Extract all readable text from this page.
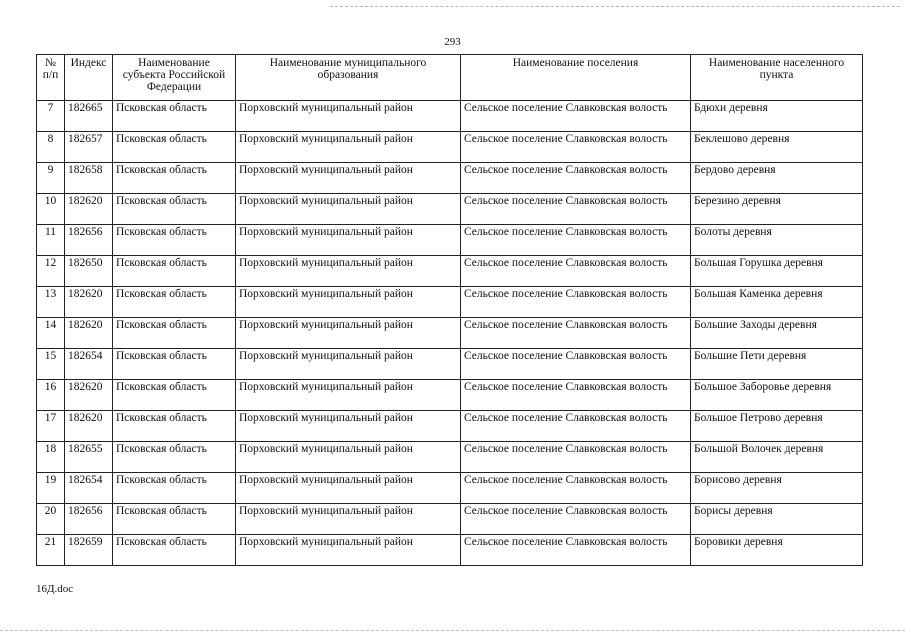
293
№ п/п	Индекс	Наименование субъекта Российской Федерации	Наименование муниципального образования	Наименование поселения	Наименование населенного пункта
7	182665	Псковская область	Порховский муниципальный район	Сельское поселение Славковская волость	Бдюхи деревня
8	182657	Псковская область	Порховский муниципальный район	Сельское поселение Славковская волость	Беклешово деревня
9	182658	Псковская область	Порховский муниципальный район	Сельское поселение Славковская волость	Бердово деревня
10	182620	Псковская область	Порховский муниципальный район	Сельское поселение Славковская волость	Березино деревня
11	182656	Псковская область	Порховский муниципальный район	Сельское поселение Славковская волость	Болоты деревня
12	182650	Псковская область	Порховский муниципальный район	Сельское поселение Славковская волость	Большая Горушка деревня
13	182620	Псковская область	Порховский муниципальный район	Сельское поселение Славковская волость	Большая Каменка деревня
14	182620	Псковская область	Порховский муниципальный район	Сельское поселение Славковская волость	Большие Заходы деревня
15	182654	Псковская область	Порховский муниципальный район	Сельское поселение Славковская волость	Большие Пети деревня
16	182620	Псковская область	Порховский муниципальный район	Сельское поселение Славковская волость	Большое Заборовье деревня
17	182620	Псковская область	Порховский муниципальный район	Сельское поселение Славковская волость	Большое Петрово деревня
18	182655	Псковская область	Порховский муниципальный район	Сельское поселение Славковская волость	Большой Волочек деревня
19	182654	Псковская область	Порховский муниципальный район	Сельское поселение Славковская волость	Борисово деревня
20	182656	Псковская область	Порховский муниципальный район	Сельское поселение Славковская волость	Борисы деревня
21	182659	Псковская область	Порховский муниципальный район	Сельское поселение Славковская волость	Боровики деревня
16Д.doc
